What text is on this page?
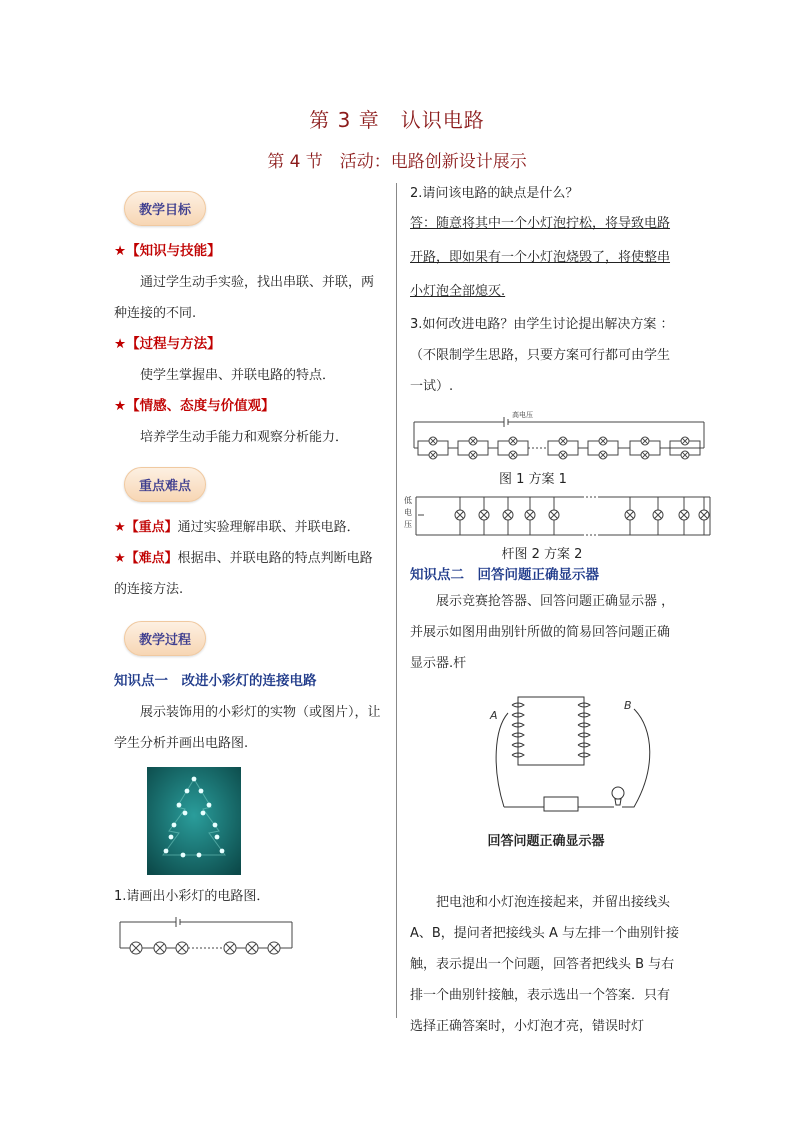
第 3 章　认识电路
第 4 节　活动：电路创新设计展示
教学目标

★【知识与技能】

通过学生动手实验，找出串联、并联，两种连接的不同.

★【过程与方法】

使学生掌握串、并联电路的特点．

★【情感、态度与价值观】

培养学生动手能力和观察分析能力．

重点难点

★【重点】通过实验理解串联、并联电路．

★【难点】根据串、并联电路的特点判断电路的连接方法.

教学过程

知识点一　改进小彩灯的连接电路

展示装饰用的小彩灯的实物（或图片），让学生分析并画出电路图.

1.请画出小彩灯的电路图．

2.请问该电路的缺点是什么？

答：随意将其中一个小灯泡拧松，将导致电路开路，即如果有一个小灯泡烧毁了，将使整串小灯泡全部熄灭.

3.如何改进电路？由学生讨论提出解决方案 ：

（不限制学生思路，只要方案可行都可由学生一试）.

高电压

图 1 方案 1

低
电
压

杆图 2 方案 2

知识点二　回答问题正确显示器

展示竞赛抢答器、回答问题正确显示器 ，并展示如图用曲别针所做的简易回答问题正确显示器.杆

A
B

回答问题正确显示器

把电池和小灯泡连接起来，并留出接线头 A、B，提问者把接线头 A 与左排一个曲别针接触，表示提出一个问题，回答者把线头 B 与右排一个曲别针接触，表示选出一个答案．只有选择正确答案时，小灯泡才亮，错误时灯
